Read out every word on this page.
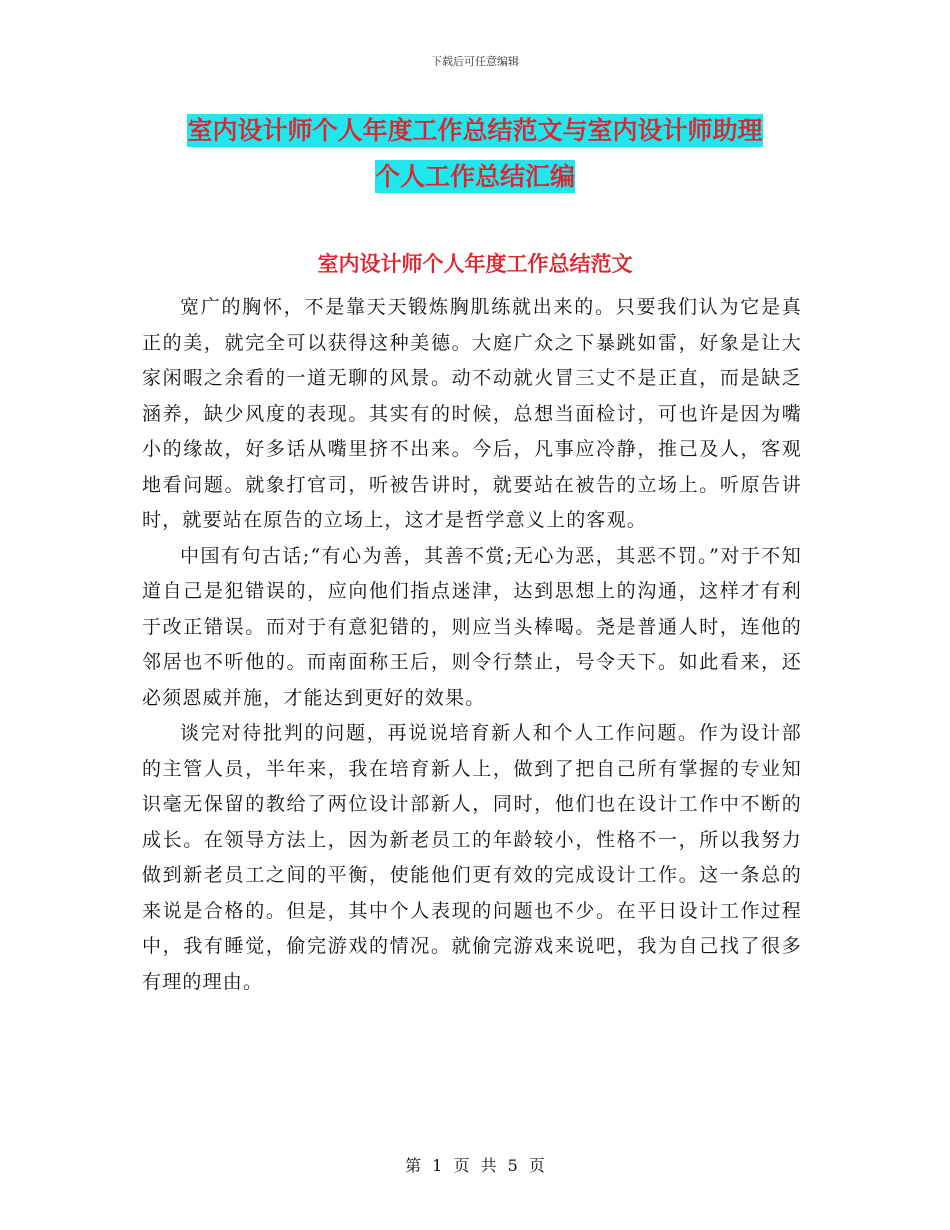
下载后可任意编辑
室内设计师个人年度工作总结范文与室内设计师助理
个人工作总结汇编
室内设计师个人年度工作总结范文

宽广的胸怀，不是靠天天锻炼胸肌练就出来的。只要我们认为它是真正的美，就完全可以获得这种美德。大庭广众之下暴跳如雷，好象是让大家闲暇之余看的一道无聊的风景。动不动就火冒三丈不是正直，而是缺乏涵养，缺少风度的表现。其实有的时候，总想当面检讨，可也许是因为嘴小的缘故，好多话从嘴里挤不出来。今后，凡事应冷静，推己及人，客观地看问题。就象打官司，听被告讲时，就要站在被告的立场上。听原告讲时，就要站在原告的立场上，这才是哲学意义上的客观。

中国有句古话;“有心为善，其善不赏;无心为恶，其恶不罚。”对于不知道自己是犯错误的，应向他们指点迷津，达到思想上的沟通，这样才有利于改正错误。而对于有意犯错的，则应当头棒喝。尧是普通人时，连他的邻居也不听他的。而南面称王后，则令行禁止，号令天下。如此看来，还必须恩威并施，才能达到更好的效果。

谈完对待批判的问题，再说说培育新人和个人工作问题。作为设计部的主管人员，半年来，我在培育新人上，做到了把自己所有掌握的专业知识毫无保留的教给了两位设计部新人，同时，他们也在设计工作中不断的成长。在领导方法上，因为新老员工的年龄较小，性格不一，所以我努力做到新老员工之间的平衡，使能他们更有效的完成设计工作。这一条总的来说是合格的。但是，其中个人表现的问题也不少。在平日设计工作过程中，我有睡觉，偷完游戏的情况。就偷完游戏来说吧，我为自己找了很多有理的理由。

第 1 页 共 5 页
